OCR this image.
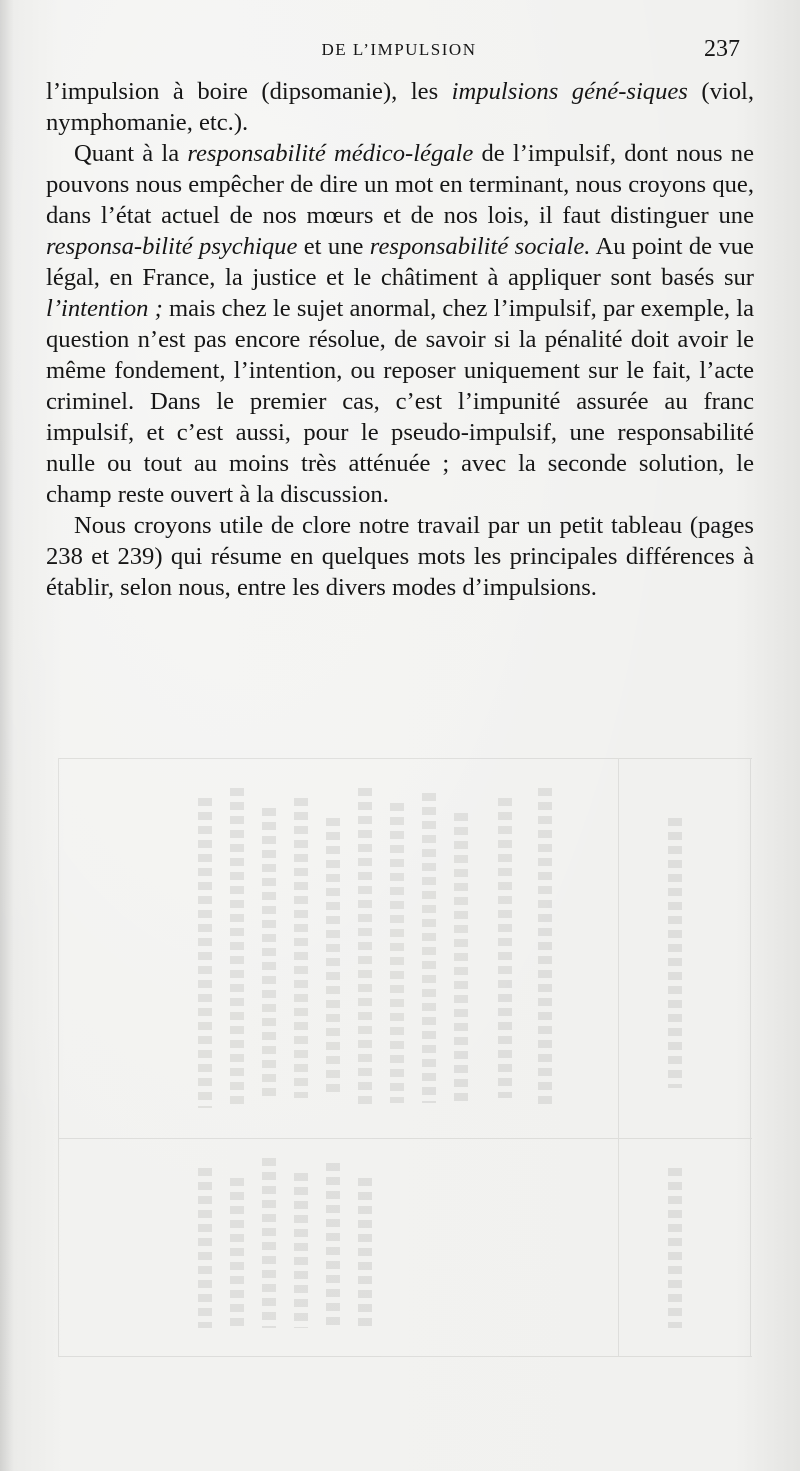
DE L’IMPULSION	237

l’impulsion à boire (dipsomanie), les impulsions géné-siques (viol, nymphomanie, etc.).

Quant à la responsabilité médico-légale de l’impulsif, dont nous ne pouvons nous empêcher de dire un mot en terminant, nous croyons que, dans l’état actuel de nos mœurs et de nos lois, il faut distinguer une responsa-bilité psychique et une responsabilité sociale. Au point de vue légal, en France, la justice et le châtiment à appliquer sont basés sur l’intention ; mais chez le sujet anormal, chez l’impulsif, par exemple, la question n’est pas encore résolue, de savoir si la pénalité doit avoir le même fondement, l’intention, ou reposer uniquement sur le fait, l’acte criminel. Dans le premier cas, c’est l’impunité assurée au franc impulsif, et c’est aussi, pour le pseudo-impulsif, une responsabilité nulle ou tout au moins très atténuée ; avec la seconde solution, le champ reste ouvert à la discussion.

Nous croyons utile de clore notre travail par un petit tableau (pages 238 et 239) qui résume en quelques mots les principales différences à établir, selon nous, entre les divers modes d’impulsions.
